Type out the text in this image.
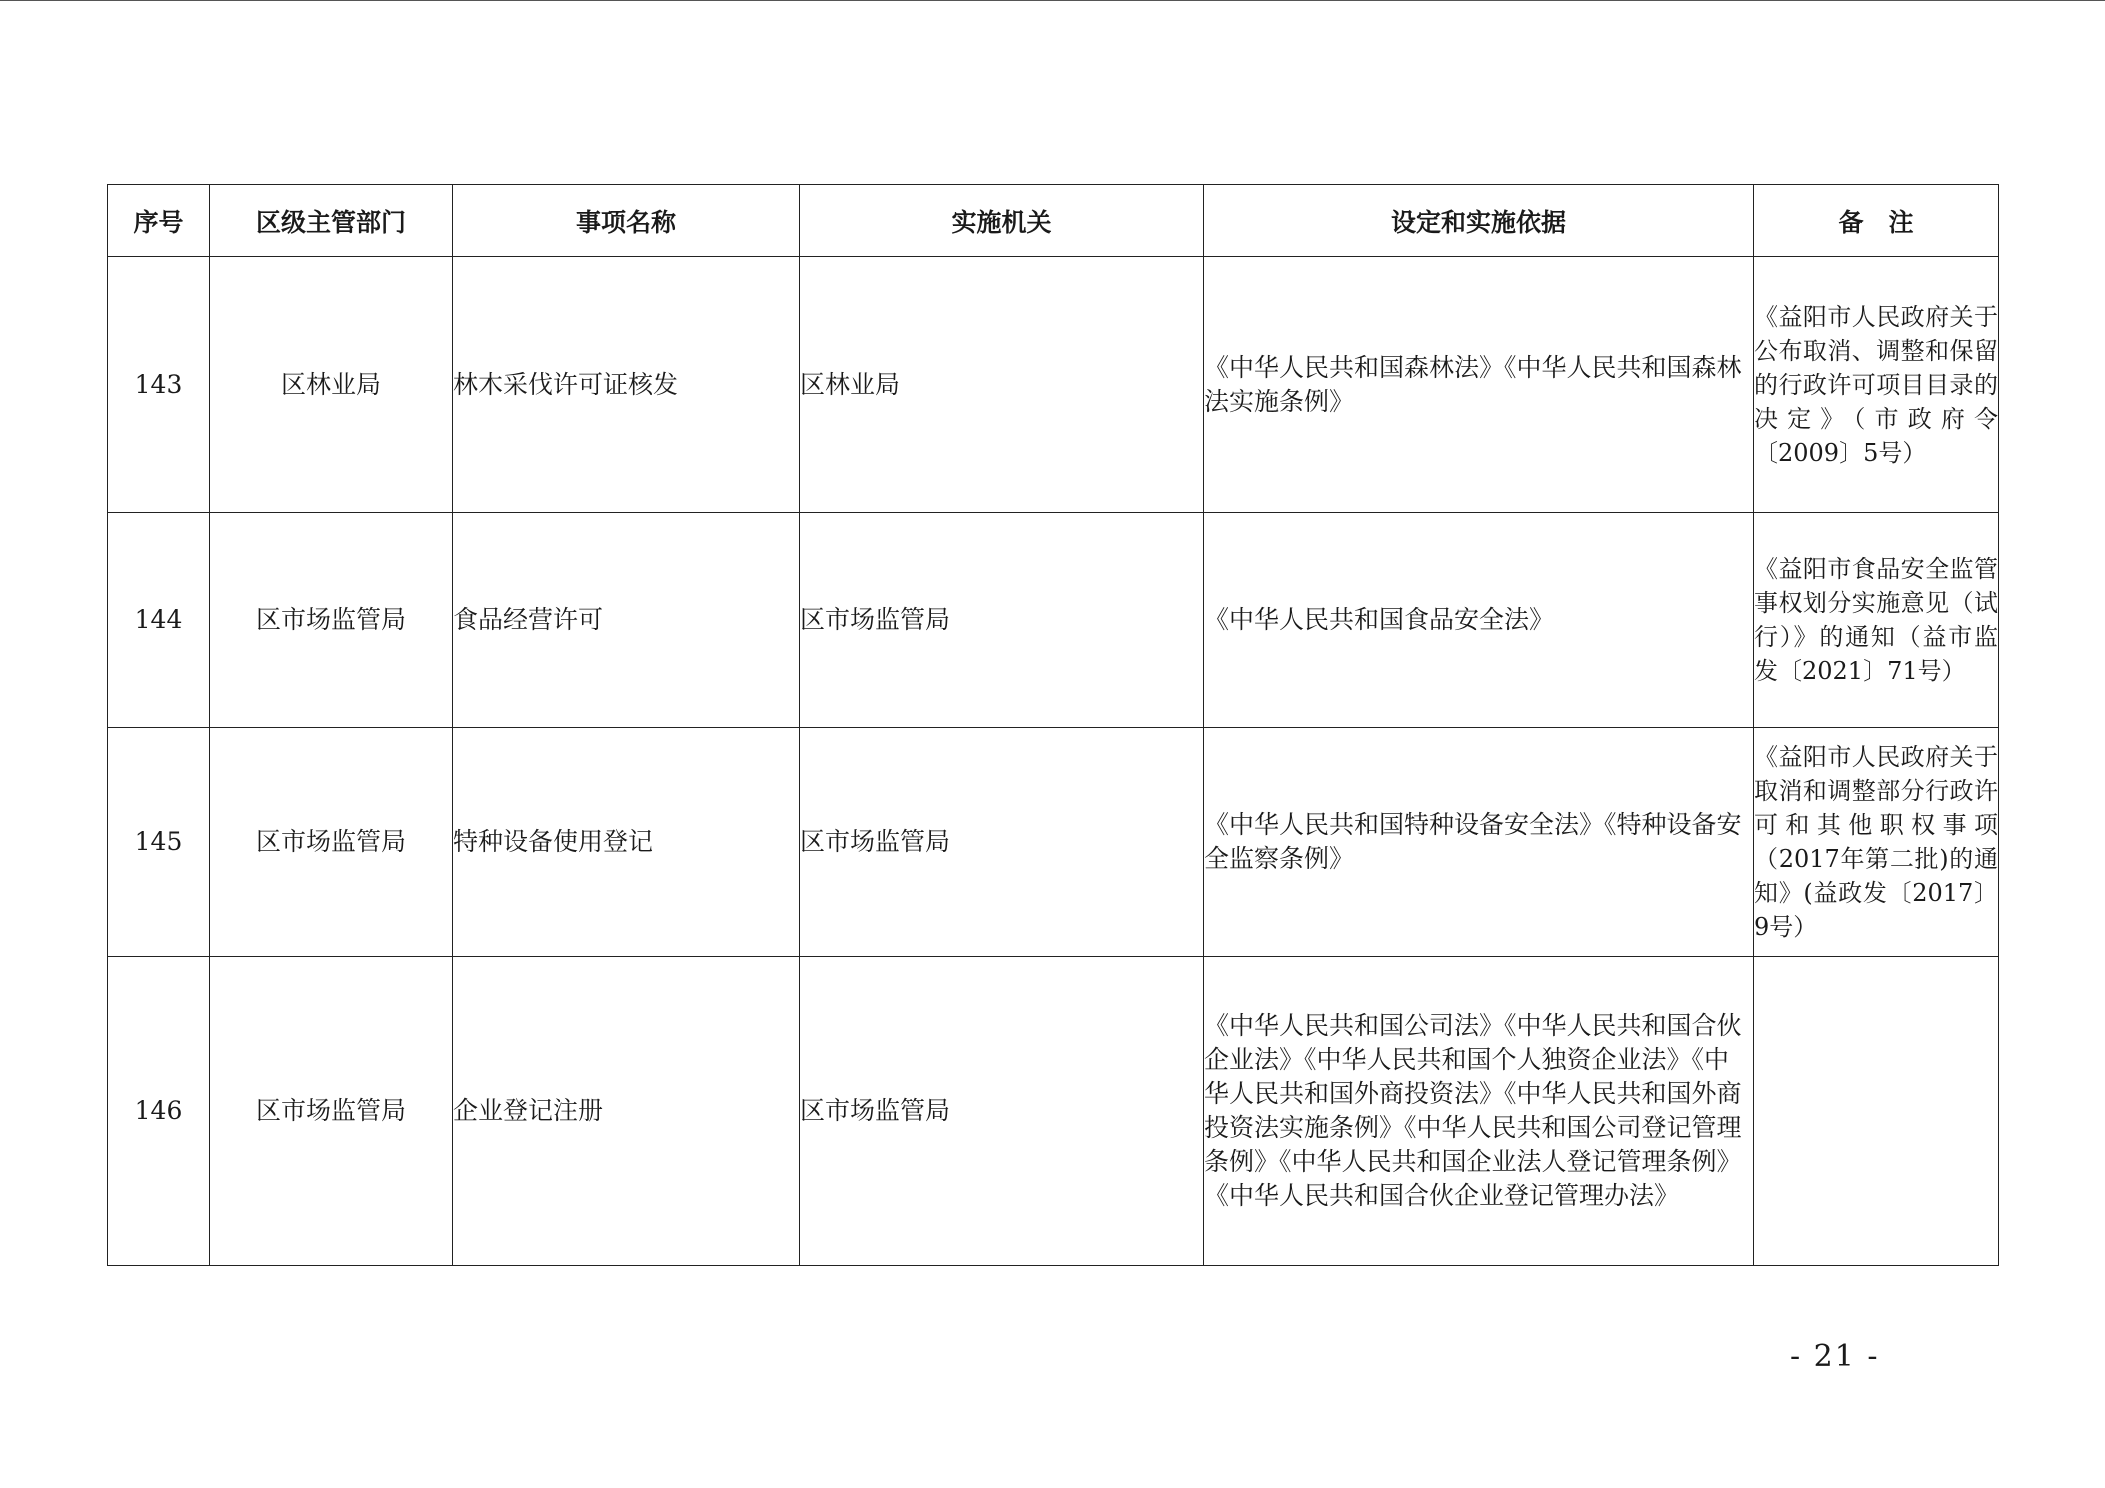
序号	区级主管部门	事项名称	实施机关	设定和实施依据	备　注
143	区林业局	林木采伐许可证核发	区林业局	《中华人民共和国森林法》《中华人民共和国森林法实施条例》	《益阳市人民政府关于公布取消、调整和保留的行政许可项目目录的决定》（市政府令〔2009〕5号）

144	区市场监管局	食品经营许可	区市场监管局	《中华人民共和国食品安全法》	《益阳市食品安全监管事权划分实施意见（试行）》的通知（益市监发〔2021〕71号）

145	区市场监管局	特种设备使用登记	区市场监管局	《中华人民共和国特种设备安全法》《特种设备安全监察条例》	《益阳市人民政府关于取消和调整部分行政许可和其他职权事项（2017年第二批)的通知》(益政发〔2017〕9号）

146	区市场监管局	企业登记注册	区市场监管局	《中华人民共和国公司法》《中华人民共和国合伙企业法》《中华人民共和国个人独资企业法》《中华人民共和国外商投资法》《中华人民共和国外商投资法实施条例》《中华人民共和国公司登记管理条例》《中华人民共和国企业法人登记管理条例》《中华人民共和国合伙企业登记管理办法》	
- 21 -
